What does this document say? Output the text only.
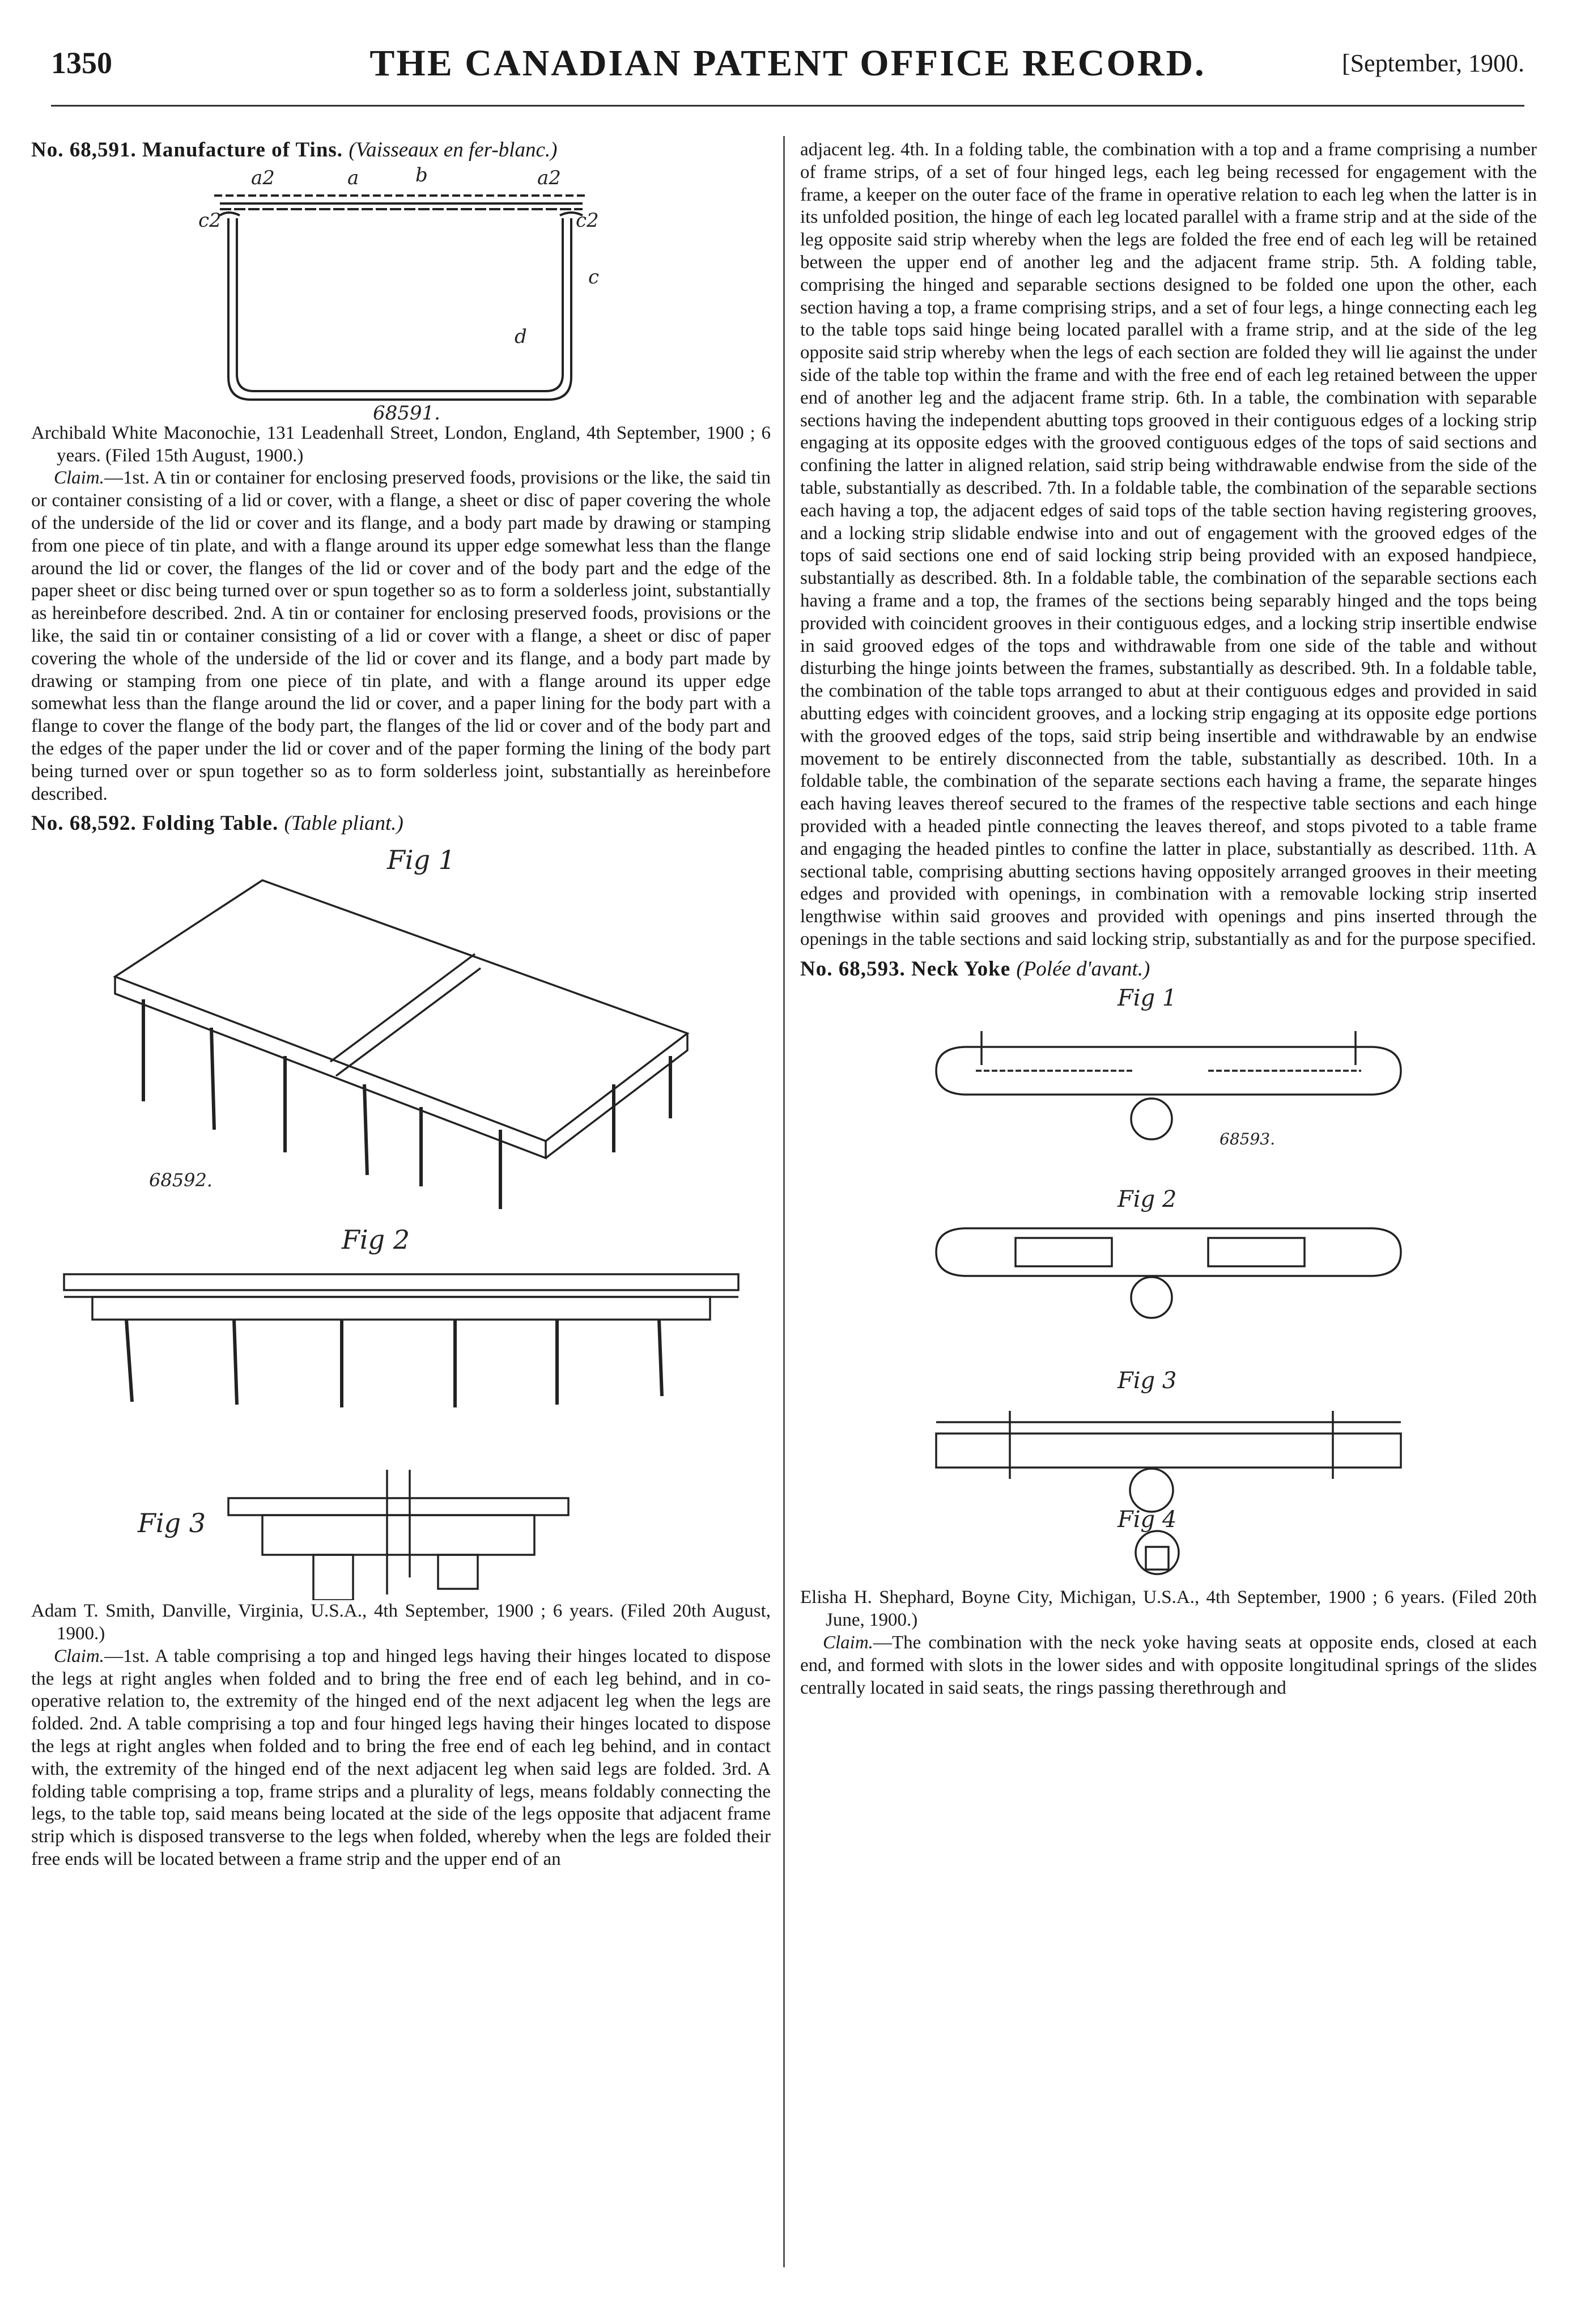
1350	THE CANADIAN PATENT OFFICE RECORD.	[September, 1900.

No. 68,591. Manufacture of Tins. (Vaisseaux en fer-blanc.)

a2	a	b	a2
c2	c2
c
d
68591.

Archibald White Maconochie, 131 Leadenhall Street, London, England, 4th September, 1900 ; 6 years. (Filed 15th August, 1900.)

Claim.—1st. A tin or container for enclosing preserved foods, provisions or the like, the said tin or container consisting of a lid or cover, with a flange, a sheet or disc of paper covering the whole of the underside of the lid or cover and its flange, and a body part made by drawing or stamping from one piece of tin plate, and with a flange around its upper edge somewhat less than the flange around the lid or cover, the flanges of the lid or cover and of the body part and the edge of the paper sheet or disc being turned over or spun together so as to form a solderless joint, substantially as hereinbefore described. 2nd. A tin or container for enclosing preserved foods, provisions or the like, the said tin or container consisting of a lid or cover with a flange, a sheet or disc of paper covering the whole of the underside of the lid or cover and its flange, and a body part made by drawing or stamping from one piece of tin plate, and with a flange around its upper edge somewhat less than the flange around the lid or cover, and a paper lining for the body part with a flange to cover the flange of the body part, the flanges of the lid or cover and of the body part and the edges of the paper under the lid or cover and of the paper forming the lining of the body part being turned over or spun together so as to form solderless joint, substantially as hereinbefore described.

No. 68,592. Folding Table. (Table pliant.)

Fig 1
68592.
Fig 2
Fig 3

Adam T. Smith, Danville, Virginia, U.S.A., 4th September, 1900 ; 6 years. (Filed 20th August, 1900.)

Claim.—1st. A table comprising a top and hinged legs having their hinges located to dispose the legs at right angles when folded and to bring the free end of each leg behind, and in co-operative relation to, the extremity of the hinged end of the next adjacent leg when the legs are folded. 2nd. A table comprising a top and four hinged legs having their hinges located to dispose the legs at right angles when folded and to bring the free end of each leg behind, and in contact with, the extremity of the hinged end of the next adjacent leg when said legs are folded. 3rd. A folding table comprising a top, frame strips and a plurality of legs, means foldably connecting the legs, to the table top, said means being located at the side of the legs opposite that adjacent frame strip which is disposed transverse to the legs when folded, whereby when the legs are folded their free ends will be located between a frame strip and the upper end of an

adjacent leg. 4th. In a folding table, the combination with a top and a frame comprising a number of frame strips, of a set of four hinged legs, each leg being recessed for engagement with the frame, a keeper on the outer face of the frame in operative relation to each leg when the latter is in its unfolded position, the hinge of each leg located parallel with a frame strip and at the side of the leg opposite said strip whereby when the legs are folded the free end of each leg will be retained between the upper end of another leg and the adjacent frame strip. 5th. A folding table, comprising the hinged and separable sections designed to be folded one upon the other, each section having a top, a frame comprising strips, and a set of four legs, a hinge connecting each leg to the table tops said hinge being located parallel with a frame strip, and at the side of the leg opposite said strip whereby when the legs of each section are folded they will lie against the under side of the table top within the frame and with the free end of each leg retained between the upper end of another leg and the adjacent frame strip. 6th. In a table, the combination with separable sections having the independent abutting tops grooved in their contiguous edges of a locking strip engaging at its opposite edges with the grooved contiguous edges of the tops of said sections and confining the latter in aligned relation, said strip being withdrawable endwise from the side of the table, substantially as described. 7th. In a foldable table, the combination of the separable sections each having a top, the adjacent edges of said tops of the table section having registering grooves, and a locking strip slidable endwise into and out of engagement with the grooved edges of the tops of said sections one end of said locking strip being provided with an exposed handpiece, substantially as described. 8th. In a foldable table, the combination of the separable sections each having a frame and a top, the frames of the sections being separably hinged and the tops being provided with coincident grooves in their contiguous edges, and a locking strip insertible endwise in said grooved edges of the tops and withdrawable from one side of the table and without disturbing the hinge joints between the frames, substantially as described. 9th. In a foldable table, the combination of the table tops arranged to abut at their contiguous edges and provided in said abutting edges with coincident grooves, and a locking strip engaging at its opposite edge portions with the grooved edges of the tops, said strip being insertible and withdrawable by an endwise movement to be entirely disconnected from the table, substantially as described. 10th. In a foldable table, the combination of the separate sections each having a frame, the separate hinges each having leaves thereof secured to the frames of the respective table sections and each hinge provided with a headed pintle connecting the leaves thereof, and stops pivoted to a table frame and engaging the headed pintles to confine the latter in place, substantially as described. 11th. A sectional table, comprising abutting sections having oppositely arranged grooves in their meeting edges and provided with openings, in combination with a removable locking strip inserted lengthwise within said grooves and provided with openings and pins inserted through the openings in the table sections and said locking strip, substantially as and for the purpose specified.

No. 68,593. Neck Yoke (Polée d'avant.)

Fig 1
68593.
Fig 2
Fig 3
Fig 4

Elisha H. Shephard, Boyne City, Michigan, U.S.A., 4th September, 1900 ; 6 years. (Filed 20th June, 1900.)

Claim.—The combination with the neck yoke having seats at opposite ends, closed at each end, and formed with slots in the lower sides and with opposite longitudinal springs of the slides centrally located in said seats, the rings passing therethrough and
